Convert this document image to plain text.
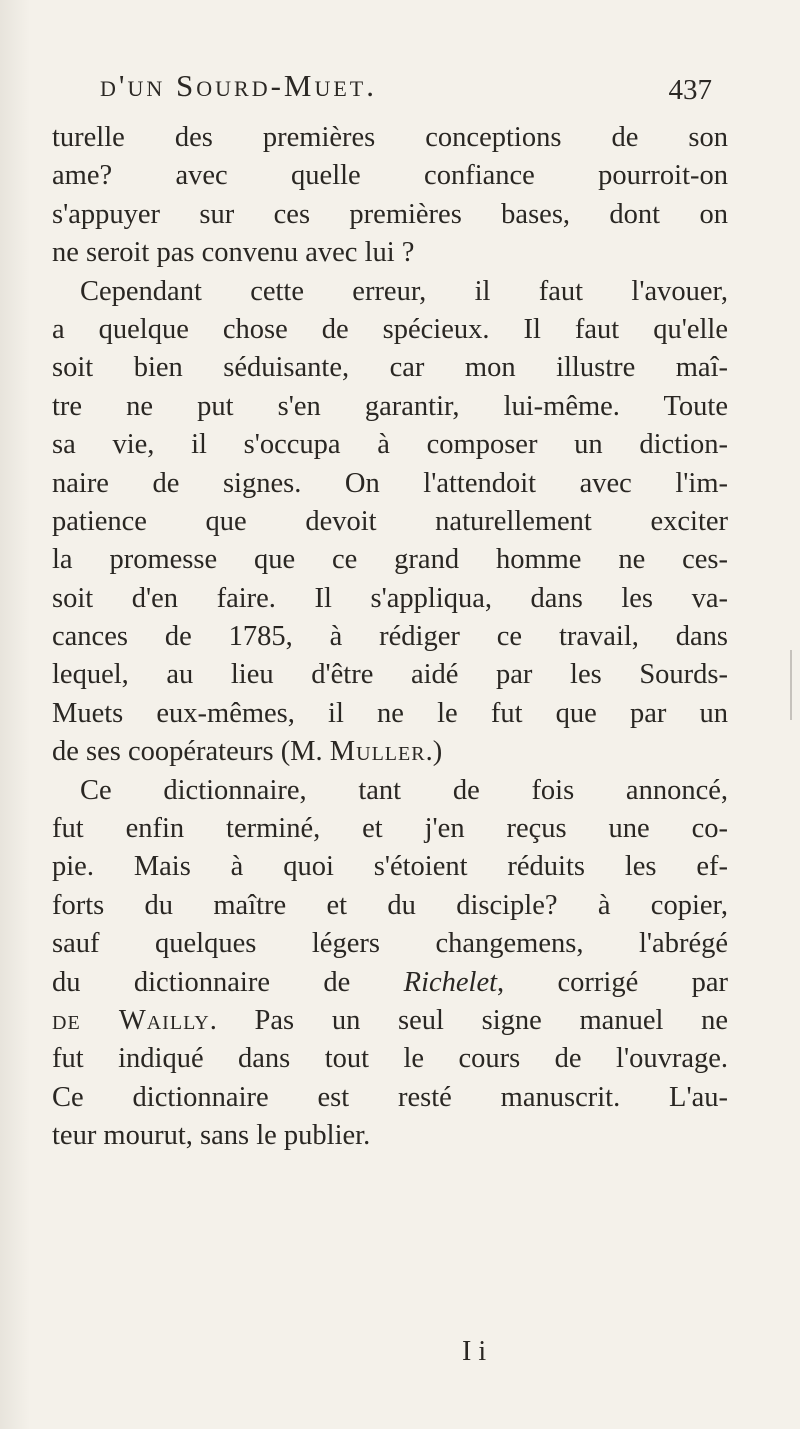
d'un Sourd-Muet.	437
turelle des premières conceptions de son
ame? avec quelle confiance pourroit-on
s'appuyer sur ces premières bases, dont on
ne seroit pas convenu avec lui ?
Cependant cette erreur, il faut l'avouer,
a quelque chose de spécieux. Il faut qu'elle
soit bien séduisante, car mon illustre maî-
tre ne put s'en garantir, lui-même. Toute
sa vie, il s'occupa à composer un diction-
naire de signes. On l'attendoit avec l'im-
patience que devoit naturellement exciter
la promesse que ce grand homme ne ces-
soit d'en faire. Il s'appliqua, dans les va-
cances de 1785, à rédiger ce travail, dans
lequel, au lieu d'être aidé par les Sourds-
Muets eux-mêmes, il ne le fut que par un
de ses coopérateurs (M. Muller.)
Ce dictionnaire, tant de fois annoncé,
fut enfin terminé, et j'en reçus une co-
pie. Mais à quoi s'étoient réduits les ef-
forts du maître et du disciple? à copier,
sauf quelques légers changemens, l'abrégé
du dictionnaire de Richelet, corrigé par
de Wailly. Pas un seul signe manuel ne
fut indiqué dans tout le cours de l'ouvrage.
Ce dictionnaire est resté manuscrit. L'au-
teur mourut, sans le publier.
I i
